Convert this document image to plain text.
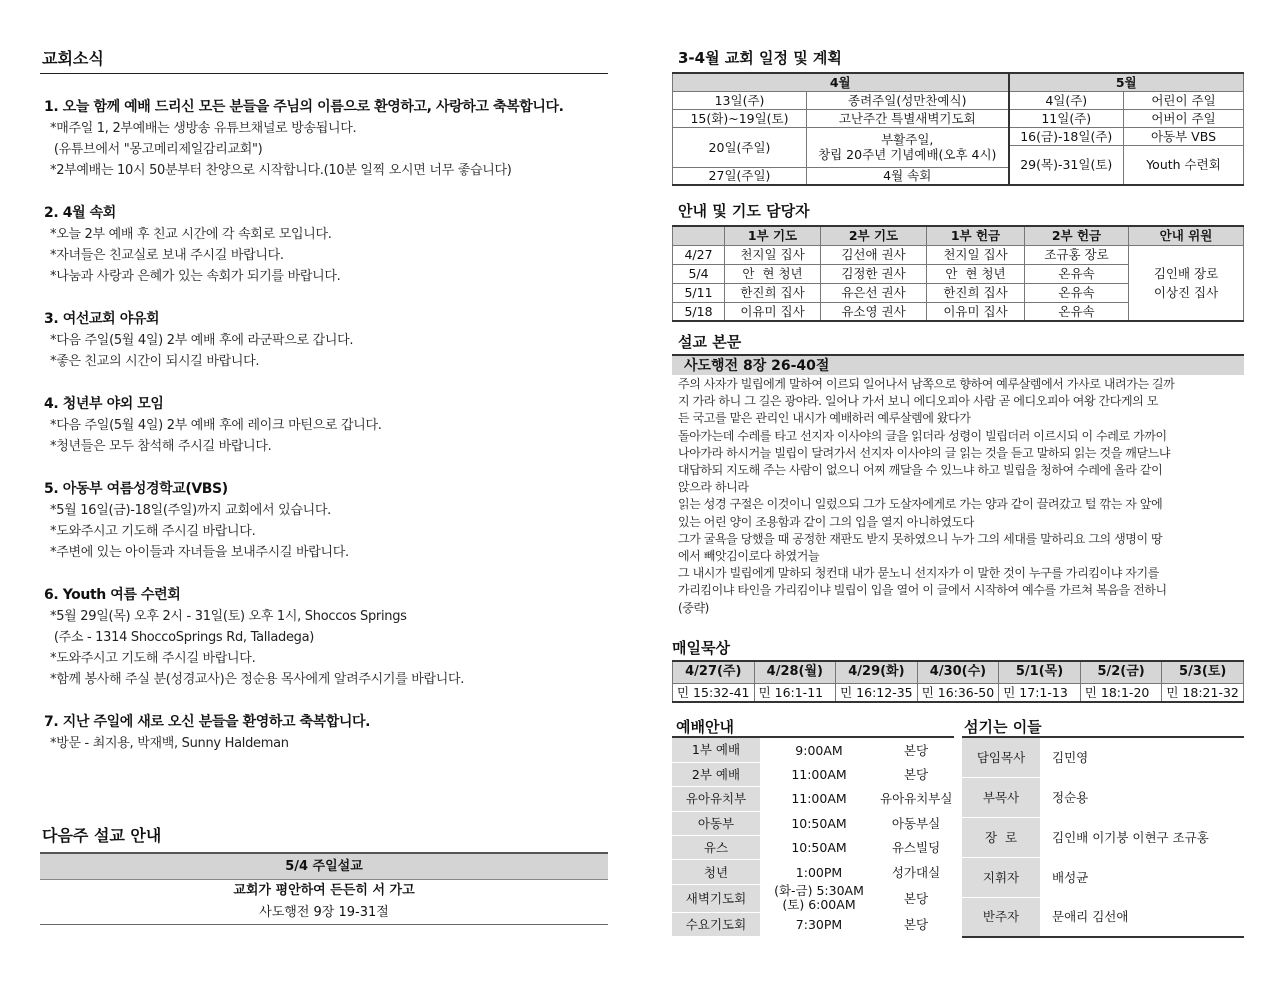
교회소식
1. 오늘 함께 예배 드리신 모든 분들을 주님의 이름으로 환영하고, 사랑하고 축복합니다.
*매주일 1, 2부예배는 생방송 유튜브채널로 방송됩니다.
(유튜브에서 "몽고메리제일감리교회")
*2부예배는 10시 50분부터 찬양으로 시작합니다.(10분 일찍 오시면 너무 좋습니다)
2. 4월 속회
*오늘 2부 예배 후 친교 시간에 각 속회로 모입니다.
*자녀들은 친교실로 보내 주시길 바랍니다.
*나눔과 사랑과 은혜가 있는 속회가 되기를 바랍니다.
3. 여선교회 야유회
*다음 주일(5월 4일) 2부 예배 후에 라군팍으로 갑니다.
*좋은 친교의 시간이 되시길 바랍니다.
4. 청년부 야외 모임
*다음 주일(5월 4일) 2부 예배 후에 레이크 마틴으로 갑니다.
*청년들은 모두 참석해 주시길 바랍니다.
5. 아동부 여름성경학교(VBS)
*5월 16일(금)-18일(주일)까지 교회에서 있습니다.
*도와주시고 기도해 주시길 바랍니다.
*주변에 있는 아이들과 자녀들을 보내주시길 바랍니다.
6. Youth 여름 수련회
*5월 29일(목) 오후 2시 - 31일(토) 오후 1시, Shoccos Springs
(주소 - 1314 ShoccoSprings Rd, Talladega)
*도와주시고 기도해 주시길 바랍니다.
*함께 봉사해 주실 분(성경교사)은 정순용 목사에게 알려주시기를 바랍니다.
7. 지난 주일에 새로 오신 분들을 환영하고 축복합니다.
*방문 - 최지용, 박재백, Sunny Haldeman
다음주 설교 안내
5/4 주일설교
교회가 평안하여 든든히 서 가고
사도행전 9장 19-31절
3-4월 교회 일정 및 계획
4월		5월	
13일(주)	종려주일(성만찬예식)	4일(주)	어린이 주일
15(화)~19일(토)	고난주간 특별새벽기도회	11일(주)	어버이 주일
20일(주일)	부활주일,
창립 20주년 기념예배(오후 4시)	16(금)-18일(주)	아동부 VBS
		29(목)-31일(토)	Youth 수련회
27일(주일)	4월 속회		
안내 및 기도 담당자
	1부 기도	2부 기도	1부 헌금	2부 헌금	안내 위원
4/27	천지일 집사	김선애 권사	천지일 집사	조규홍 장로	김인배 장로
이상진 집사

5/4	안  현 청년	김정한 권사	안  현 청년	온유속	
5/11	한진희 집사	유은선 권사	한진희 집사	온유속	
5/18	이유미 집사	유소영 권사	이유미 집사	온유속	
설교 본문
사도행전 8장 26-40절
주의 사자가 빌립에게 말하여 이르되 일어나서 남쪽으로 향하여 예루살렘에서 가사로 내려가는 길까
지 가라 하니 그 길은 광야라. 일어나 가서 보니 에디오피아 사람 곧 에디오피아 여왕 간다게의 모
든 국고를 맡은 관리인 내시가 예배하러 예루살렘에 왔다가
돌아가는데 수레를 타고 선지자 이사야의 글을 읽더라 성령이 빌립더러 이르시되 이 수레로 가까이
나아가라 하시거늘 빌립이 달려가서 선지자 이사야의 글 읽는 것을 듣고 말하되 읽는 것을 깨닫느냐
대답하되 지도해 주는 사람이 없으니 어찌 깨달을 수 있느냐 하고 빌립을 청하여 수레에 올라 같이
앉으라 하니라
읽는 성경 구절은 이것이니 일렀으되 그가 도살자에게로 가는 양과 같이 끌려갔고 털 깎는 자 앞에
있는 어린 양이 조용함과 같이 그의 입을 열지 아니하였도다
그가 굴욕을 당했을 때 공정한 재판도 받지 못하였으니 누가 그의 세대를 말하리요 그의 생명이 땅
에서 빼앗김이로다 하였거늘
그 내시가 빌립에게 말하되 청컨대 내가 묻노니 선지자가 이 말한 것이 누구를 가리킴이냐 자기를
가리킴이냐 타인을 가리킴이냐 빌립이 입을 열어 이 글에서 시작하여 예수를 가르쳐 복음을 전하니
(중략)
매일묵상
4/27(주)	4/28(월)	4/29(화)	4/30(수)	5/1(목)	5/2(금)	5/3(토)
민 15:32-41	민 16:1-11	민 16:12-35	민 16:36-50	민 17:1-13	민 18:1-20	민 18:21-32
예배안내
1부 예배	9:00AM	본당
2부 예배	11:00AM	본당
유아유치부	11:00AM	유아유치부실
아동부	10:50AM	아동부실
유스	10:50AM	유스빌딩
청년	1:00PM	성가대실
새벽기도회	(화-금) 5:30AM
(토) 6:00AM	본당
수요기도회	7:30PM	본당
섬기는 이들
담임목사	김민영
부목사	정순용
장  로	김인배 이기붕 이현구 조규홍
지휘자	배성균
반주자	문애리 김선애
